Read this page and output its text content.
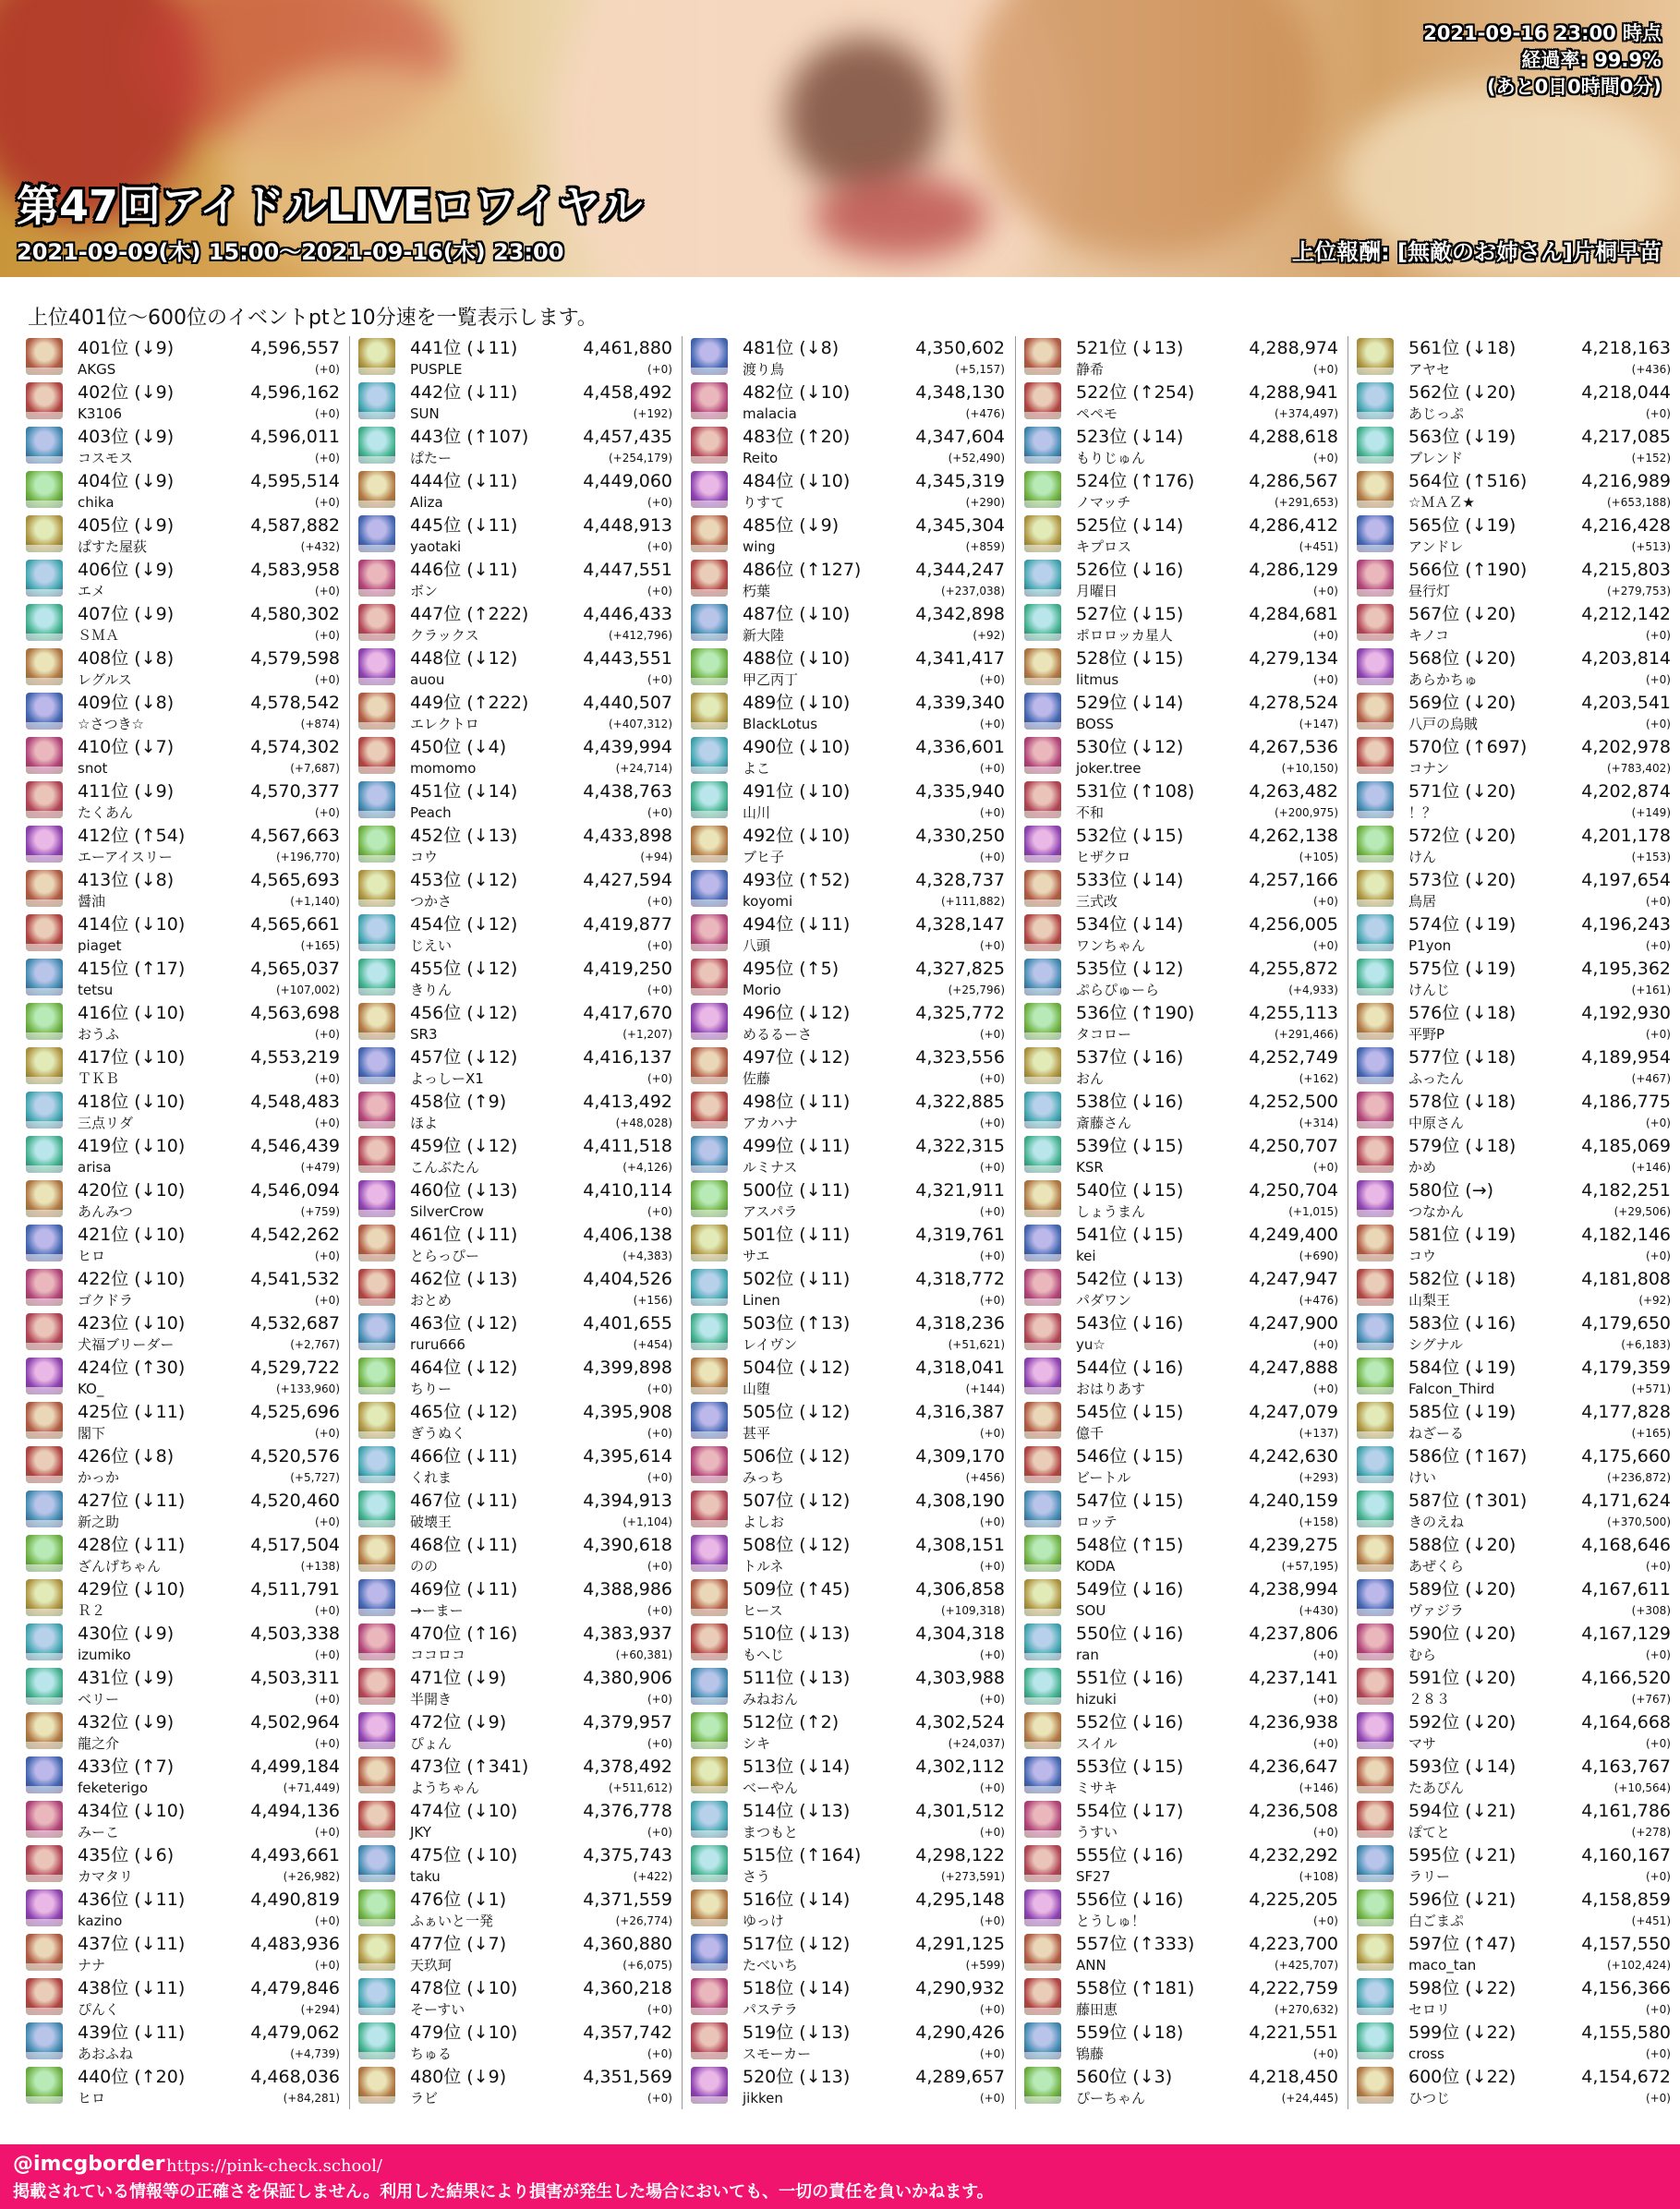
2021-09-16 23:00 時点
経過率: 99.9%
(あと0日0時間0分)
第47回アイドルLIVEロワイヤル
2021-09-09(木) 15:00～2021-09-16(木) 23:00	上位報酬: [無敵のお姉さん]片桐早苗
上位401位～600位のイベントptと10分速を一覧表示します。
401位 (↓9)
AKGS
4,596,557
(+0)
402位 (↓9)
K3106
4,596,162
(+0)
403位 (↓9)
コスモス
4,596,011
(+0)
404位 (↓9)
chika
4,595,514
(+0)
405位 (↓9)
ぱすた屋荻
4,587,882
(+432)
406位 (↓9)
エメ
4,583,958
(+0)
407位 (↓9)
ＳＭＡ
4,580,302
(+0)
408位 (↓8)
レグルス
4,579,598
(+0)
409位 (↓8)
☆さつき☆
4,578,542
(+874)
410位 (↓7)
snot
4,574,302
(+7,687)
411位 (↓9)
たくあん
4,570,377
(+0)
412位 (↑54)
エーアイスリー
4,567,663
(+196,770)
413位 (↓8)
醤油
4,565,693
(+1,140)
414位 (↓10)
piaget
4,565,661
(+165)
415位 (↑17)
tetsu
4,565,037
(+107,002)
416位 (↓10)
おうふ
4,563,698
(+0)
417位 (↓10)
ＴＫＢ
4,553,219
(+0)
418位 (↓10)
三点リダ
4,548,483
(+0)
419位 (↓10)
arisa
4,546,439
(+479)
420位 (↓10)
あんみつ
4,546,094
(+759)
421位 (↓10)
ヒロ
4,542,262
(+0)
422位 (↓10)
ゴクドラ
4,541,532
(+0)
423位 (↓10)
犬福ブリーダー
4,532,687
(+2,767)
424位 (↑30)
KO_
4,529,722
(+133,960)
425位 (↓11)
閣下
4,525,696
(+0)
426位 (↓8)
かっか
4,520,576
(+5,727)
427位 (↓11)
新之助
4,520,460
(+0)
428位 (↓11)
ざんげちゃん
4,517,504
(+138)
429位 (↓10)
Ｒ２
4,511,791
(+0)
430位 (↓9)
izumiko
4,503,338
(+0)
431位 (↓9)
ベリー
4,503,311
(+0)
432位 (↓9)
龍之介
4,502,964
(+0)
433位 (↑7)
feketerigo
4,499,184
(+71,449)
434位 (↓10)
みーこ
4,494,136
(+0)
435位 (↓6)
カマタリ
4,493,661
(+26,982)
436位 (↓11)
kazino
4,490,819
(+0)
437位 (↓11)
ナナ
4,483,936
(+0)
438位 (↓11)
ぴんく
4,479,846
(+294)
439位 (↓11)
あおふね
4,479,062
(+4,739)
440位 (↑20)
ヒロ
4,468,036
(+84,281)
441位 (↓11)
PUSPLE
4,461,880
(+0)
442位 (↓11)
SUN
4,458,492
(+192)
443位 (↑107)
ぱたー
4,457,435
(+254,179)
444位 (↓11)
Aliza
4,449,060
(+0)
445位 (↓11)
yaotaki
4,448,913
(+0)
446位 (↓11)
ボン
4,447,551
(+0)
447位 (↑222)
クラックス
4,446,433
(+412,796)
448位 (↓12)
auou
4,443,551
(+0)
449位 (↑222)
エレクトロ
4,440,507
(+407,312)
450位 (↓4)
momomo
4,439,994
(+24,714)
451位 (↓14)
Peach
4,438,763
(+0)
452位 (↓13)
コウ
4,433,898
(+94)
453位 (↓12)
つかさ
4,427,594
(+0)
454位 (↓12)
じえい
4,419,877
(+0)
455位 (↓12)
きりん
4,419,250
(+0)
456位 (↓12)
SR3
4,417,670
(+1,207)
457位 (↓12)
よっしーX1
4,416,137
(+0)
458位 (↑9)
ほよ
4,413,492
(+48,028)
459位 (↓12)
こんぶたん
4,411,518
(+4,126)
460位 (↓13)
SilverCrow
4,410,114
(+0)
461位 (↓11)
とらっぴー
4,406,138
(+4,383)
462位 (↓13)
おとめ
4,404,526
(+156)
463位 (↓12)
ruru666
4,401,655
(+454)
464位 (↓12)
ちりー
4,399,898
(+0)
465位 (↓12)
ぎうぬく
4,395,908
(+0)
466位 (↓11)
くれま
4,395,614
(+0)
467位 (↓11)
破壊王
4,394,913
(+1,104)
468位 (↓11)
のの
4,390,618
(+0)
469位 (↓11)
→ーまー
4,388,986
(+0)
470位 (↑16)
ココロコ
4,383,937
(+60,381)
471位 (↓9)
半開き
4,380,906
(+0)
472位 (↓9)
ぴょん
4,379,957
(+0)
473位 (↑341)
ようちゃん
4,378,492
(+511,612)
474位 (↓10)
JKY
4,376,778
(+0)
475位 (↓10)
taku
4,375,743
(+422)
476位 (↓1)
ふぁいと一発
4,371,559
(+26,774)
477位 (↓7)
天玖珂
4,360,880
(+6,075)
478位 (↓10)
そーすい
4,360,218
(+0)
479位 (↓10)
ちゅる
4,357,742
(+0)
480位 (↓9)
ラビ
4,351,569
(+0)
481位 (↓8)
渡り鳥
4,350,602
(+5,157)
482位 (↓10)
malacia
4,348,130
(+476)
483位 (↑20)
Reito
4,347,604
(+52,490)
484位 (↓10)
りすて
4,345,319
(+290)
485位 (↓9)
wing
4,345,304
(+859)
486位 (↑127)
朽葉
4,344,247
(+237,038)
487位 (↓10)
新大陸
4,342,898
(+92)
488位 (↓10)
甲乙丙丁
4,341,417
(+0)
489位 (↓10)
BlackLotus
4,339,340
(+0)
490位 (↓10)
よこ
4,336,601
(+0)
491位 (↓10)
山川
4,335,940
(+0)
492位 (↓10)
ブヒ子
4,330,250
(+0)
493位 (↑52)
koyomi
4,328,737
(+111,882)
494位 (↓11)
八頭
4,328,147
(+0)
495位 (↑5)
Morio
4,327,825
(+25,796)
496位 (↓12)
めるるーさ
4,325,772
(+0)
497位 (↓12)
佐藤
4,323,556
(+0)
498位 (↓11)
アカハナ
4,322,885
(+0)
499位 (↓11)
ルミナス
4,322,315
(+0)
500位 (↓11)
アスパラ
4,321,911
(+0)
501位 (↓11)
サエ
4,319,761
(+0)
502位 (↓11)
Linen
4,318,772
(+0)
503位 (↑13)
レイヴン
4,318,236
(+51,621)
504位 (↓12)
山堕
4,318,041
(+144)
505位 (↓12)
甚平
4,316,387
(+0)
506位 (↓12)
みっち
4,309,170
(+456)
507位 (↓12)
よしお
4,308,190
(+0)
508位 (↓12)
トルネ
4,308,151
(+0)
509位 (↑45)
ヒース
4,306,858
(+109,318)
510位 (↓13)
もへじ
4,304,318
(+0)
511位 (↓13)
みねおん
4,303,988
(+0)
512位 (↑2)
シキ
4,302,524
(+24,037)
513位 (↓14)
べーやん
4,302,112
(+0)
514位 (↓13)
まつもと
4,301,512
(+0)
515位 (↑164)
さう
4,298,122
(+273,591)
516位 (↓14)
ゆっけ
4,295,148
(+0)
517位 (↓12)
たべいち
4,291,125
(+599)
518位 (↓14)
パステラ
4,290,932
(+0)
519位 (↓13)
スモーカー
4,290,426
(+0)
520位 (↓13)
jikken
4,289,657
(+0)
521位 (↓13)
静希
4,288,974
(+0)
522位 (↑254)
ペペモ
4,288,941
(+374,497)
523位 (↓14)
もりじゅん
4,288,618
(+0)
524位 (↑176)
ノマッチ
4,286,567
(+291,653)
525位 (↓14)
キプロス
4,286,412
(+451)
526位 (↓16)
月曜日
4,286,129
(+0)
527位 (↓15)
ポロロッカ星人
4,284,681
(+0)
528位 (↓15)
litmus
4,279,134
(+0)
529位 (↓14)
BOSS
4,278,524
(+147)
530位 (↓12)
joker.tree
4,267,536
(+10,150)
531位 (↑108)
不和
4,263,482
(+200,975)
532位 (↓15)
ヒザクロ
4,262,138
(+105)
533位 (↓14)
三式改
4,257,166
(+0)
534位 (↓14)
ワンちゃん
4,256,005
(+0)
535位 (↓12)
ぷらぴゅーら
4,255,872
(+4,933)
536位 (↑190)
タコロー
4,255,113
(+291,466)
537位 (↓16)
おん
4,252,749
(+162)
538位 (↓16)
斎藤さん
4,252,500
(+314)
539位 (↓15)
KSR
4,250,707
(+0)
540位 (↓15)
しょうまん
4,250,704
(+1,015)
541位 (↓15)
kei
4,249,400
(+690)
542位 (↓13)
パダワン
4,247,947
(+476)
543位 (↓16)
yu☆
4,247,900
(+0)
544位 (↓16)
おはりあす
4,247,888
(+0)
545位 (↓15)
億千
4,247,079
(+137)
546位 (↓15)
ビートル
4,242,630
(+293)
547位 (↓15)
ロッテ
4,240,159
(+158)
548位 (↑15)
KODA
4,239,275
(+57,195)
549位 (↓16)
SOU
4,238,994
(+430)
550位 (↓16)
ran
4,237,806
(+0)
551位 (↓16)
hizuki
4,237,141
(+0)
552位 (↓16)
スイル
4,236,938
(+0)
553位 (↓15)
ミサキ
4,236,647
(+146)
554位 (↓17)
うすい
4,236,508
(+0)
555位 (↓16)
SF27
4,232,292
(+108)
556位 (↓16)
とうしゅ！
4,225,205
(+0)
557位 (↑333)
ANN
4,223,700
(+425,707)
558位 (↑181)
藤田恵
4,222,759
(+270,632)
559位 (↓18)
鴇藤
4,221,551
(+0)
560位 (↓3)
ぴーちゃん
4,218,450
(+24,445)
561位 (↓18)
アヤセ
4,218,163
(+436)
562位 (↓20)
あじっぷ
4,218,044
(+0)
563位 (↓19)
ブレンド
4,217,085
(+152)
564位 (↑516)
☆ＭＡＺ★
4,216,989
(+653,188)
565位 (↓19)
アンドレ
4,216,428
(+513)
566位 (↑190)
昼行灯
4,215,803
(+279,753)
567位 (↓20)
キノコ
4,212,142
(+0)
568位 (↓20)
あらかちゅ
4,203,814
(+0)
569位 (↓20)
八戸の烏賊
4,203,541
(+0)
570位 (↑697)
コナン
4,202,978
(+783,402)
571位 (↓20)
！？
4,202,874
(+149)
572位 (↓20)
けん
4,201,178
(+153)
573位 (↓20)
鳥居
4,197,654
(+0)
574位 (↓19)
P1yon
4,196,243
(+0)
575位 (↓19)
けんじ
4,195,362
(+161)
576位 (↓18)
平野P
4,192,930
(+0)
577位 (↓18)
ふったん
4,189,954
(+467)
578位 (↓18)
中原さん
4,186,775
(+0)
579位 (↓18)
かめ
4,185,069
(+146)
580位 (→)
つなかん
4,182,251
(+29,506)
581位 (↓19)
コウ
4,182,146
(+0)
582位 (↓18)
山梨王
4,181,808
(+92)
583位 (↓16)
シグナル
4,179,650
(+6,183)
584位 (↓19)
Falcon_Third
4,179,359
(+571)
585位 (↓19)
ねざーる
4,177,828
(+165)
586位 (↑167)
けい
4,175,660
(+236,872)
587位 (↑301)
きのえね
4,171,624
(+370,500)
588位 (↓20)
あぜくら
4,168,646
(+0)
589位 (↓20)
ヴァジラ
4,167,611
(+308)
590位 (↓20)
むら
4,167,129
(+0)
591位 (↓20)
２８３
4,166,520
(+767)
592位 (↓20)
マサ
4,164,668
(+0)
593位 (↓14)
たあぴん
4,163,767
(+10,564)
594位 (↓21)
ぽてと
4,161,786
(+278)
595位 (↓21)
ラリー
4,160,167
(+0)
596位 (↓21)
白ごまぷ
4,158,859
(+451)
597位 (↑47)
maco_tan
4,157,550
(+102,424)
598位 (↓22)
セロリ
4,156,366
(+0)
599位 (↓22)
cross
4,155,580
(+0)
600位 (↓22)
ひつじ
4,154,672
(+0)
@imcgborder https://pink-check.school/
掲載されている情報等の正確さを保証しません。利用した結果により損害が発生した場合においても、一切の責任を負いかねます。
